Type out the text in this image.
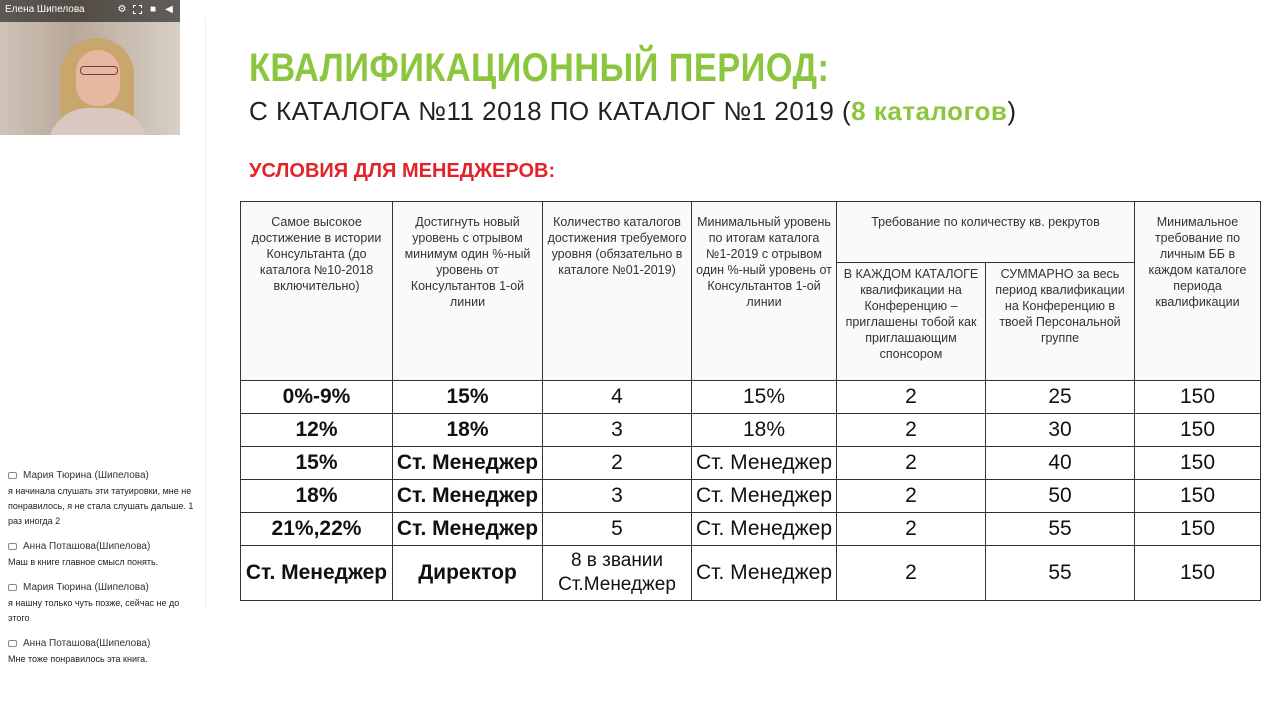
Елена Шипелова	⚙	■ ◀
Мария Тюрина (Шипелова)
я начинала слушать эти татуировки, мне не понравилось, я не стала слушать дальше. 1 раз иногда 2
Анна Поташова(Шипелова)
Маш в книге главное смысл понять.
Мария Тюрина (Шипелова)
я нашну только чуть позже, сейчас не до этого
Анна Поташова(Шипелова)
Мне тоже понравилось эта книга.
КВАЛИФИКАЦИОННЫЙ ПЕРИОД:
С КАТАЛОГА №11 2018 ПО КАТАЛОГ №1 2019 (8 каталогов)
УСЛОВИЯ ДЛЯ МЕНЕДЖЕРОВ:
Самое высокое достижение в истории Консультанта (до каталога №10-2018 включительно)	Достигнуть новый уровень с отрывом минимум один %-ный уровень от Консультантов 1-ой линии	Количество каталогов достижения требуемого уровня (обязательно в каталоге №01-2019)	Минимальный уровень по итогам каталога №1-2019 с отрывом один %-ный уровень от Консультантов 1-ой линии	Требование по количеству кв. рекрутов		Минимальное требование по личным ББ в каждом каталоге периода квалификации
				В КАЖДОМ КАТАЛОГЕ квалификации на Конференцию – приглашены тобой как приглашающим спонсором	СУММАРНО за весь период квалификации на Конференцию в твоей Персональной группе	
0%-9%	15%	4	15%	2	25	150
12%	18%	3	18%	2	30	150
15%	Ст. Менеджер	2	Ст. Менеджер	2	40	150
18%	Ст. Менеджер	3	Ст. Менеджер	2	50	150
21%,22%	Ст. Менеджер	5	Ст. Менеджер	2	55	150
Ст. Менеджер	Директор	8 в звании Ст.Менеджер	Ст. Менеджер	2	55	150
